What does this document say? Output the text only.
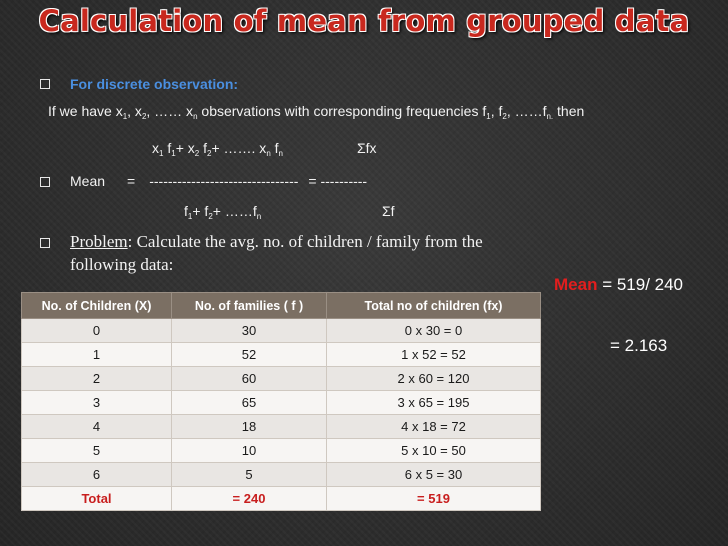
Calculation of mean from grouped data
For discrete observation:
If we have $x_1$, $x_2$, …… $x_n$ observations with corresponding frequencies $f_1$, $f_2$, $\dots\dots f_{n.}$ then
$x_1$ $f_1+ x_2$ $f_2+$ ……. $x_n$ $f_n$	Σfx
Mean = -------------------------------- = ----------
$f_1+ f_2+$ $\dots\dots f_n$	Σf
Problem: Calculate the avg. no. of children / family from the
following data:
Mean = 519/ 240
= 2.163
No. of Children (X)	No. of families ( f )	Total no of children (fx)
0	30	0 x 30 = 0
1	52	1 x 52 = 52
2	60	2 x 60 = 120
3	65	3 x 65 = 195
4	18	4 x 18 = 72
5	10	5 x 10 = 50
6	5	6 x 5 = 30
Total	= 240	= 519
